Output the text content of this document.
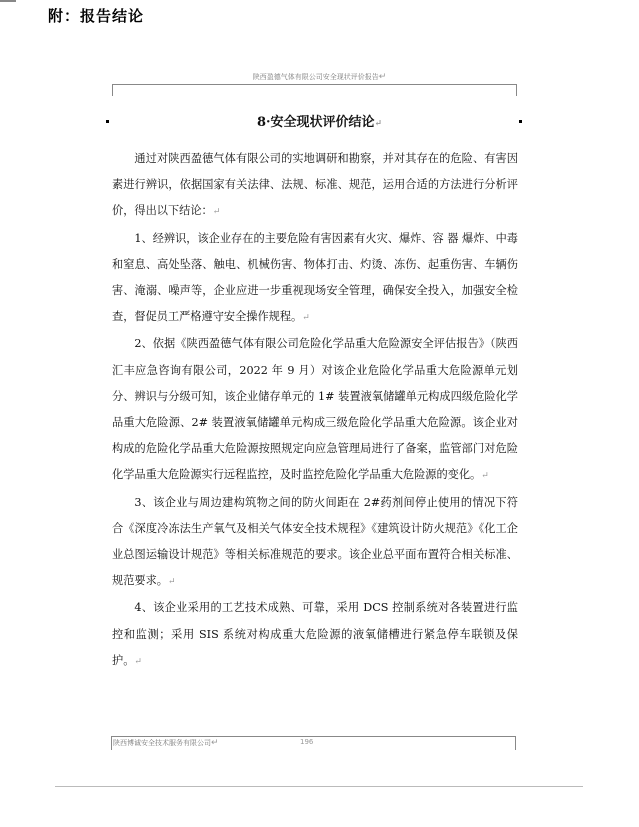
附：报告结论
陕西盈德气体有限公司安全现状评价报告↵
8·安全现状评价结论↵

通过对陕西盈德气体有限公司的实地调研和勘察，并对其存在的危险、有害因素进行辨识，依据国家有关法律、法规、标准、规范，运用合适的方法进行分析评价，得出以下结论：↵

1、经辨识，该企业存在的主要危险有害因素有火灾、爆炸、容 器 爆炸、中毒和窒息、高处坠落、触电、机械伤害、物体打击、灼烫、冻伤、起重伤害、车辆伤害、淹溺、噪声等，企业应进一步重视现场安全管理，确保安全投入，加强安全检查，督促员工严格遵守安全操作规程。↵

2、依据《陕西盈德气体有限公司危险化学品重大危险源安全评估报告》（陕西汇丰应急咨询有限公司，2022 年 9 月）对该企业危险化学品重大危险源单元划分、辨识与分级可知，该企业储存单元的 1# 装置液氧储罐单元构成四级危险化学品重大危险源、2# 装置液氧储罐单元构成三级危险化学品重大危险源。该企业对构成的危险化学品重大危险源按照规定向应急管理局进行了备案，监管部门对危险化学品重大危险源实行远程监控，及时监控危险化学品重大危险源的变化。↵

3、该企业与周边建构筑物之间的防火间距在 2#药剂间停止使用的情况下符合《深度冷冻法生产氧气及相关气体安全技术规程》《建筑设计防火规范》《化工企业总图运输设计规范》等相关标准规范的要求。该企业总平面布置符合相关标准、规范要求。↵

4、该企业采用的工艺技术成熟、可靠，采用 DCS 控制系统对各装置进行监控和监测；采用 SIS 系统对构成重大危险源的液氧储槽进行紧急停车联锁及保护。↵

陕西博诚安全技术服务有限公司↵	196
